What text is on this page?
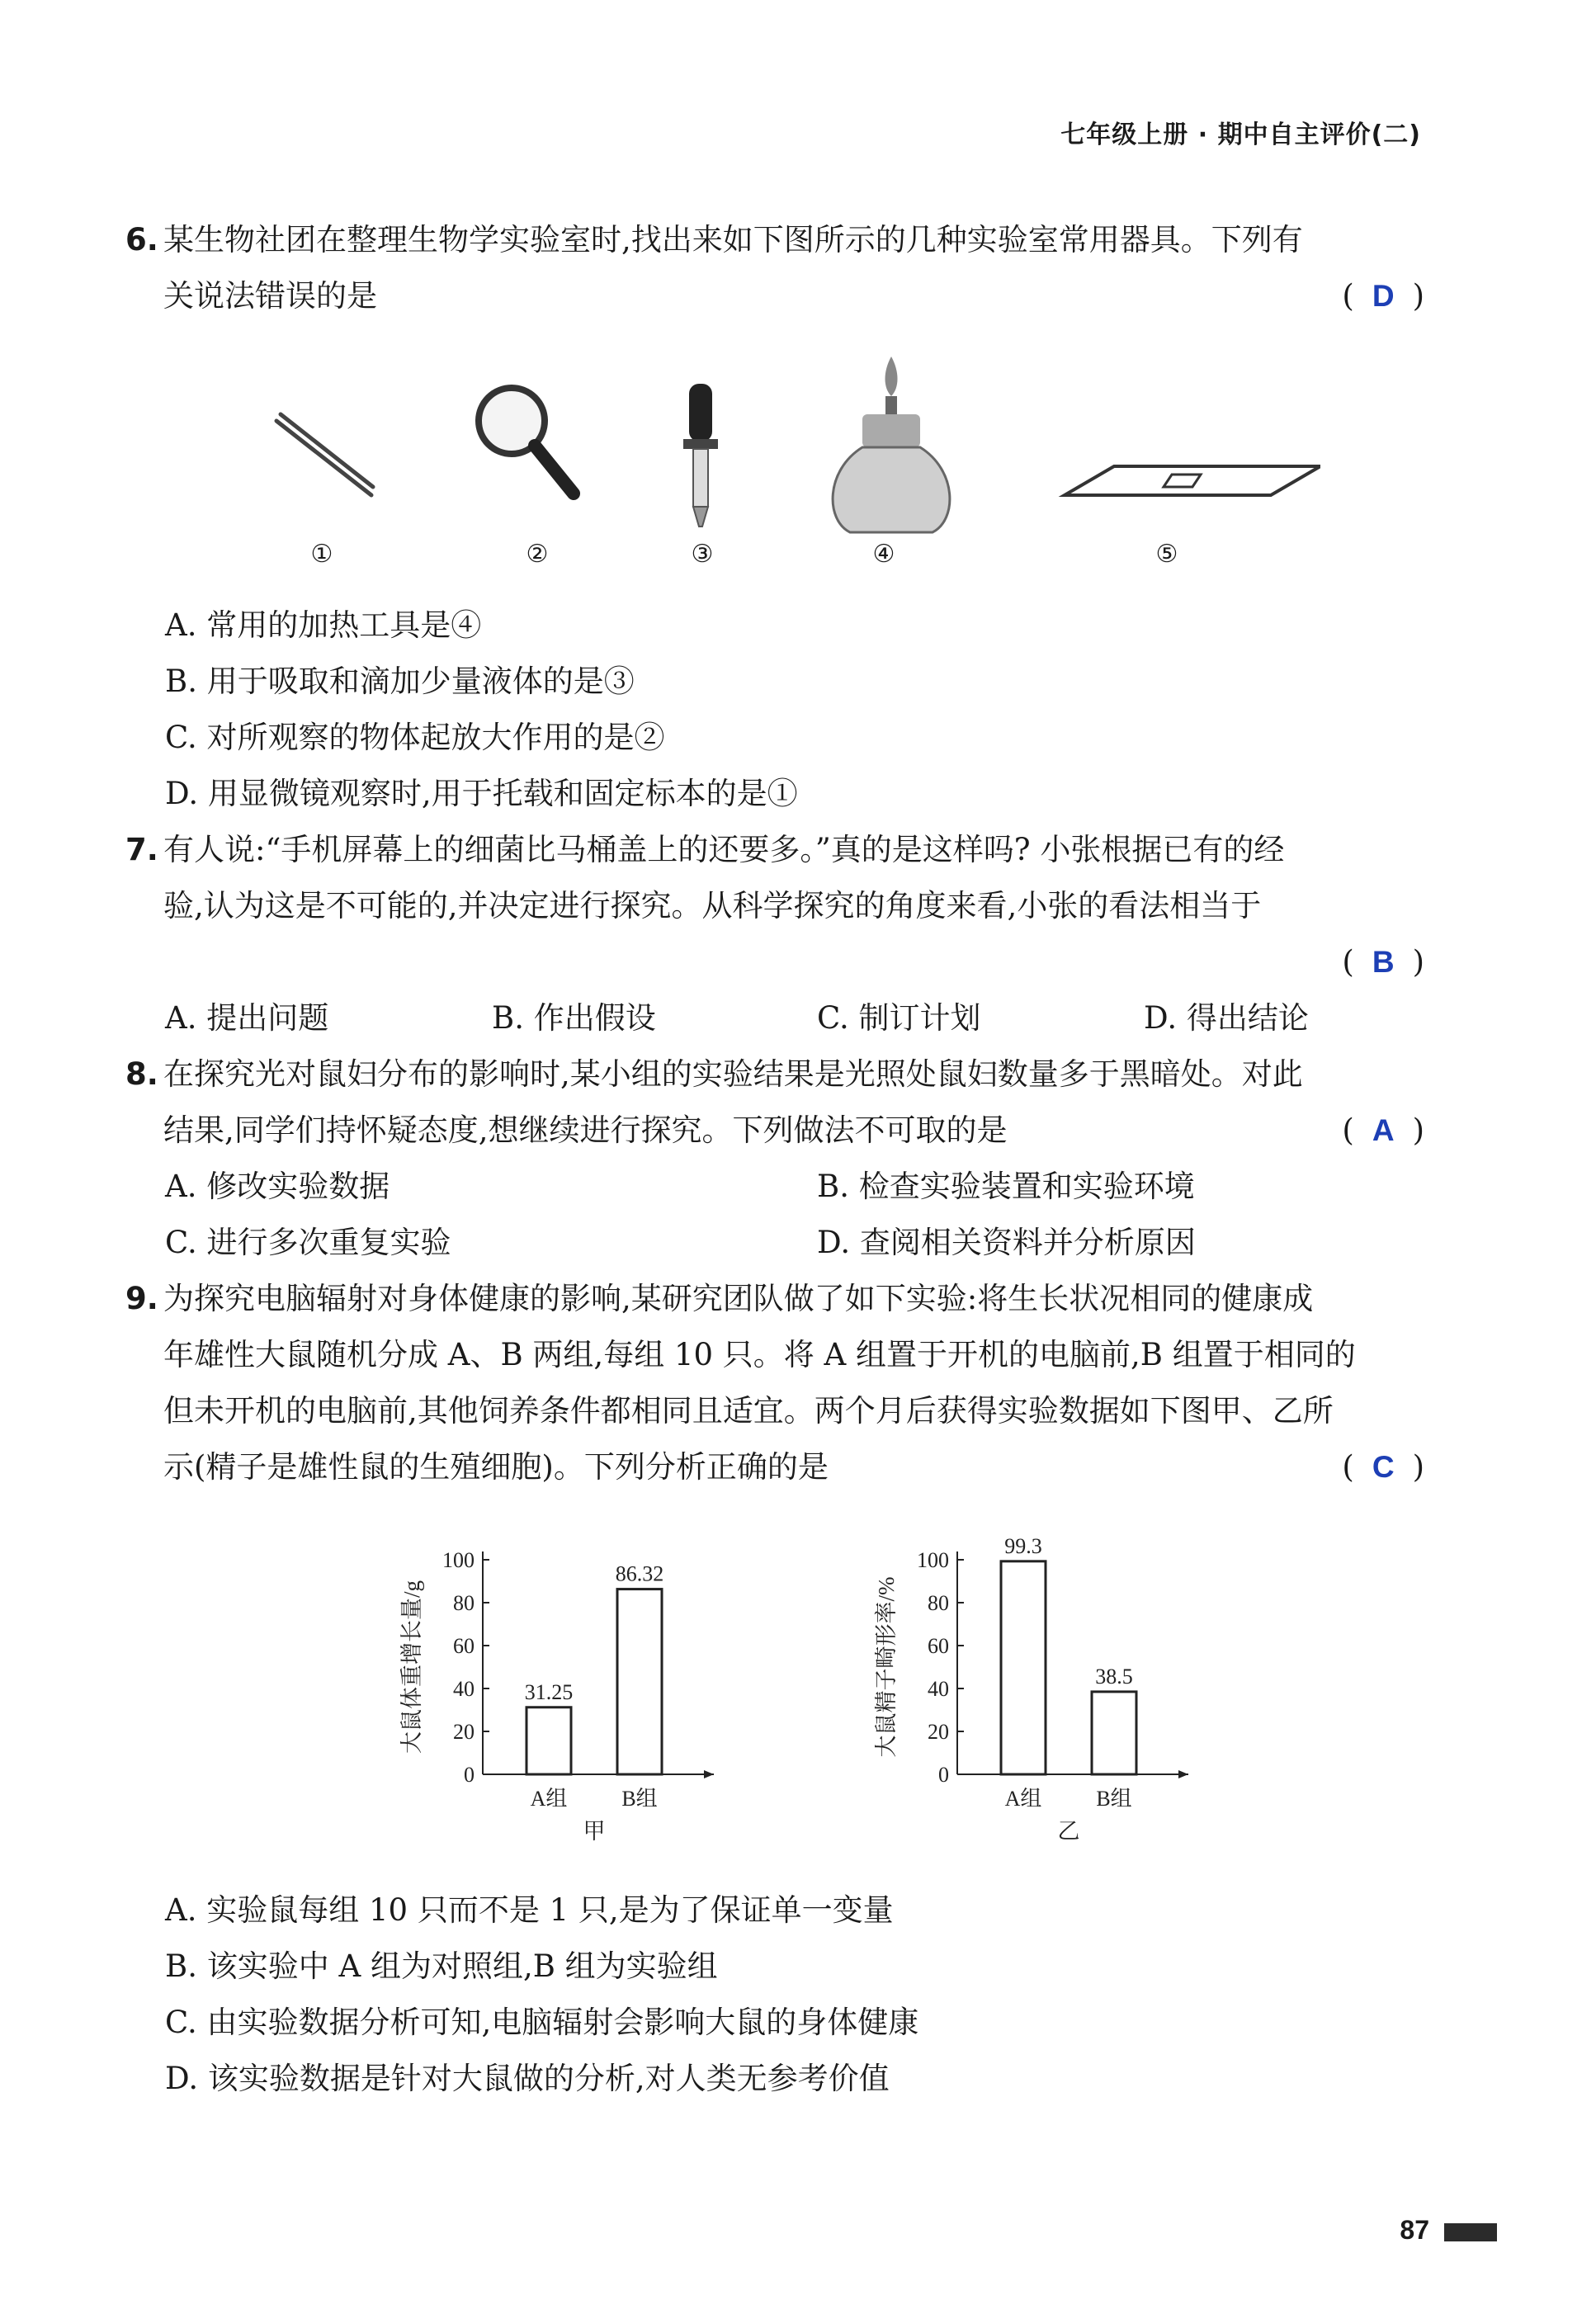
七年级上册 · 期中自主评价(二)
6. 某生物社团在整理生物学实验室时,找出来如下图所示的几种实验室常用器具。下列有
关说法错误的是	( D )
①	②	③	④	⑤
A. 常用的加热工具是④
B. 用于吸取和滴加少量液体的是③
C. 对所观察的物体起放大作用的是②
D. 用显微镜观察时,用于托载和固定标本的是①
7. 有人说:“手机屏幕上的细菌比马桶盖上的还要多。”真的是这样吗? 小张根据已有的经
验,认为这是不可能的,并决定进行探究。从科学探究的角度来看,小张的看法相当于
( B )
A. 提出问题	B. 作出假设	C. 制订计划	D. 得出结论
8. 在探究光对鼠妇分布的影响时,某小组的实验结果是光照处鼠妇数量多于黑暗处。对此
结果,同学们持怀疑态度,想继续进行探究。下列做法不可取的是	( A )
A. 修改实验数据	B. 检查实验装置和实验环境
C. 进行多次重复实验	D. 查阅相关资料并分析原因
9. 为探究电脑辐射对身体健康的影响,某研究团队做了如下实验:将生长状况相同的健康成
年雄性大鼠随机分成 A、B 两组,每组 10 只。将 A 组置于开机的电脑前,B 组置于相同的
但未开机的电脑前,其他饲养条件都相同且适宜。两个月后获得实验数据如下图甲、乙所
示(精子是雄性鼠的生殖细胞)。下列分析正确的是	( C )
0
20
40
60
80
100
大鼠体重增长量/g	31.25
A组
86.32
B组
甲
0
20
40
60
80
100
大鼠精子畸形率/%
99.3
A组
38.5
B组
乙
A. 实验鼠每组 10 只而不是 1 只,是为了保证单一变量
B. 该实验中 A 组为对照组,B 组为实验组
C. 由实验数据分析可知,电脑辐射会影响大鼠的身体健康
D. 该实验数据是针对大鼠做的分析,对人类无参考价值
87
